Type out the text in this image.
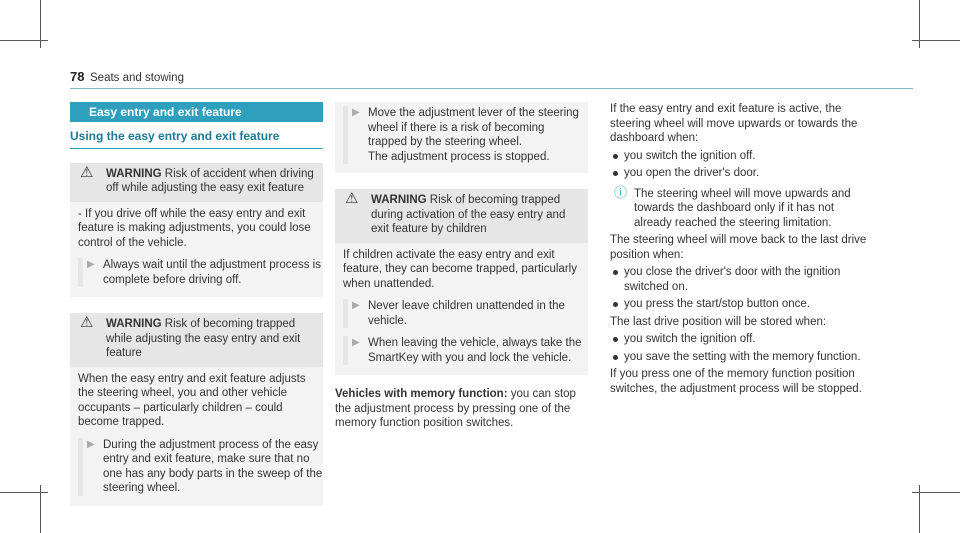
78 Seats and stowing
Easy entry and exit feature
Using the easy entry and exit feature
⚠ WARNING Risk of accident when driving off while adjusting the easy exit feature
- If you drive off while the easy entry and exit feature is making adjustments, you could lose control of the vehicle.
▶ Always wait until the adjustment process is complete before driving off.
⚠ WARNING Risk of becoming trapped while adjusting the easy entry and exit feature
When the easy entry and exit feature adjusts the steering wheel, you and other vehicle occupants – particularly children – could become trapped.
▶ During the adjustment process of the easy entry and exit feature, make sure that no one has any body parts in the sweep of the steering wheel.
▶ Move the adjustment lever of the steering wheel if there is a risk of becoming trapped by the steering wheel.

The adjustment process is stopped.

⚠ WARNING Risk of becoming trapped during activation of the easy entry and exit feature by children
If children activate the easy entry and exit feature, they can become trapped, particularly when unattended.
▶ Never leave children unattended in the vehicle.
▶ When leaving the vehicle, always take the SmartKey with you and lock the vehicle.

Vehicles with memory function: you can stop the adjustment process by pressing one of the memory function position switches.

If the easy entry and exit feature is active, the steering wheel will move upwards or towards the dashboard when:

you switch the ignition off.
you open the driver's door.
ⓘ The steering wheel will move upwards and towards the dashboard only if it has not already reached the steering limitation.

The steering wheel will move back to the last drive position when:

you close the driver's door with the ignition switched on.
you press the start/stop button once.

The last drive position will be stored when:

you switch the ignition off.
you save the setting with the memory function.

If you press one of the memory function position switches, the adjustment process will be stopped.
